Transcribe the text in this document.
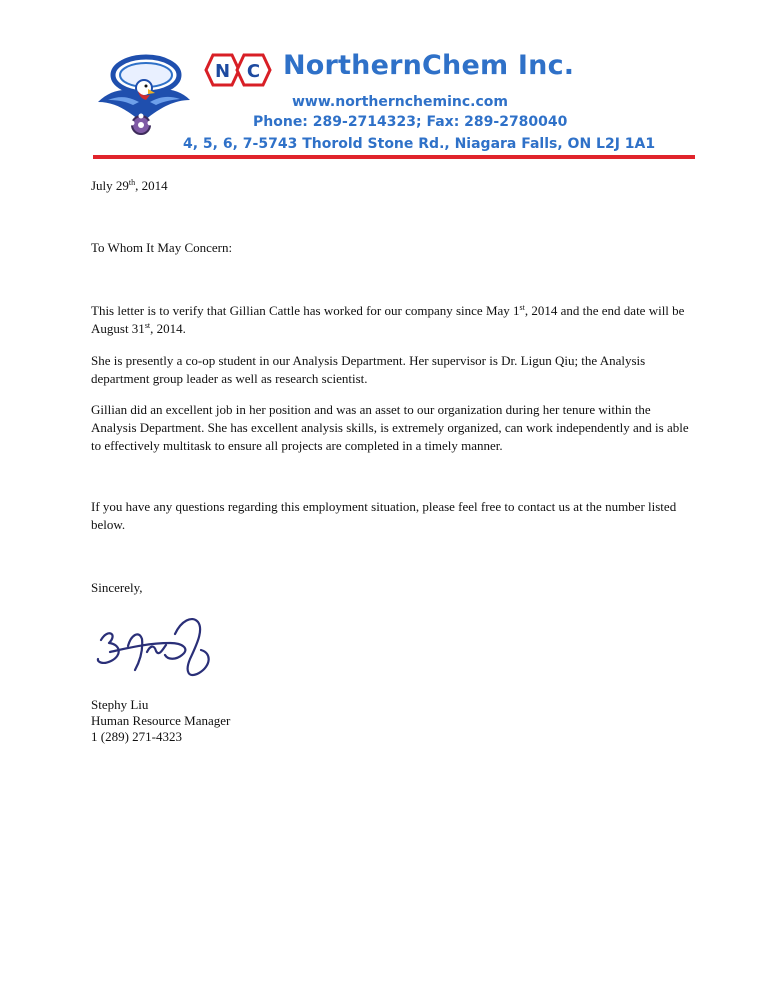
N C NorthernChem Inc.
www.northerncheminc.com
Phone: 289-2714323; Fax: 289-2780040
4, 5, 6, 7-5743 Thorold Stone Rd., Niagara Falls, ON L2J 1A1
July 29th, 2014
To Whom It May Concern:
This letter is to verify that Gillian Cattle has worked for our company since May 1st, 2014 and the end date will be August 31st, 2014.
She is presently a co-op student in our Analysis Department. Her supervisor is Dr. Ligun Qiu; the Analysis department group leader as well as research scientist.
Gillian did an excellent job in her position and was an asset to our organization during her tenure within the Analysis Department. She has excellent analysis skills, is extremely organized, can work independently and is able to effectively multitask to ensure all projects are completed in a timely manner.
If you have any questions regarding this employment situation, please feel free to contact us at the number listed below.
Sincerely,
Stephy Liu
Human Resource Manager
1 (289) 271-4323
